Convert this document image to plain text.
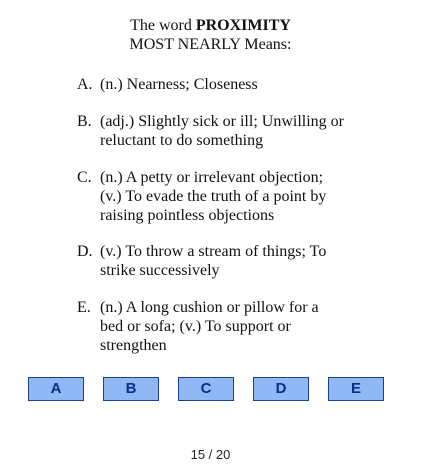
The word PROXIMITY
MOST NEARLY Means:
A. (n.) Nearness; Closeness
B. (adj.) Slightly sick or ill; Unwilling or
reluctant to do something
C. (n.) A petty or irrelevant objection;
(v.) To evade the truth of a point by
raising pointless objections
D. (v.) To throw a stream of things; To
strike successively
E. (n.) A long cushion or pillow for a
bed or sofa; (v.) To support or
strengthen
A	B	C	D	E
15 / 20
